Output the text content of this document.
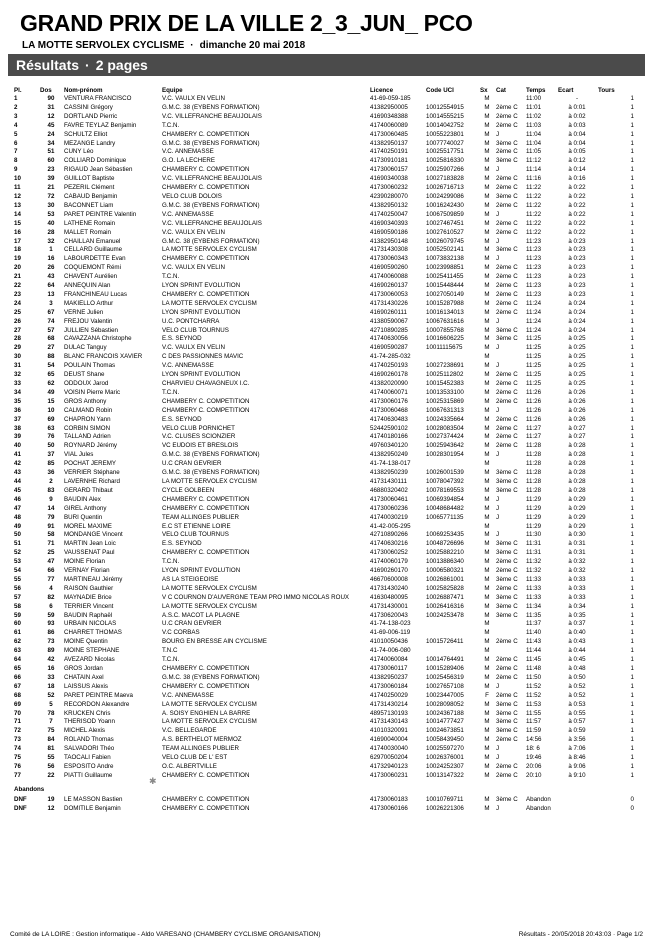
GRAND PRIX DE LA VILLE 2_3_JUN_ PCO
LA MOTTE SERVOLEX CYCLISME · dimanche 20 mai 2018
Résultats · 2 pages
Pl.	Dos	Nom-prénom	Equipe	Licence	Code UCI	Sx	Cat	Temps	Ecart	Tours
1	90	VENTURA FRANCISCO	V.C. VAULX EN VELIN	41-69-059-185		M		11:00	-	1
2	31	CASSINI Grégory	G.M.C. 38 (EYBENS FORMATION)	41382950005	10012554915	M	2ème C	11:01	à 0:01	1
3	12	DORTLAND Pierric	V.C. VILLEFRANCHE BEAUJOLAIS	41690348388	10014555215	M	2ème C	11:02	à 0:02	1
4	45	FAVRE TEYLAZ Benjamin	T.C.N.	41740060089	10014042752	M	2ème C	11:03	à 0:03	1
5	24	SCHULTZ Elliot	CHAMBERY C. COMPETITION	41730060485	10055223801	M	J	11:04	à 0:04	1
6	34	MEZANGE Landry	G.M.C. 38 (EYBENS FORMATION)	41382950137	10077740027	M	3ème C	11:04	à 0:04	1
7	51	CUNY Léo	V.C. ANNEMASSE	41740250191	10025517751	M	2ème C	11:05	à 0:05	1
8	60	COLLIARD Dominique	G.O. LA LECHERE	41730910181	10025816330	M	3ème C	11:12	à 0:12	1
9	23	RIGAUD Jean Sébastien	CHAMBERY C. COMPETITION	41730060157	10025907266	M	J	11:14	à 0:14	1
10	39	GUILLOT Baptiste	V.C. VILLEFRANCHE BEAUJOLAIS	41690340038	10027183828	M	2ème C	11:16	à 0:16	1
11	21	PEZERIL Clément	CHAMBERY C. COMPETITION	41730060232	10026716713	M	2ème C	11:22	à 0:22	1
12	72	CABAUD Benjamin	VELO CLUB DOLOIS	42390280070	10024299086	M	3ème C	11:22	à 0:22	1
13	30	BACONNET Liam	G.M.C. 38 (EYBENS FORMATION)	41382950132	10016242430	M	2ème C	11:22	à 0:22	1
14	53	PARET PEINTRE Valentin	V.C. ANNEMASSE	41740250047	10067509859	M	J	11:22	à 0:22	1
15	40	LATHENE Romain	V.C. VILLEFRANCHE BEAUJOLAIS	41690340393	10027467451	M	2ème C	11:22	à 0:22	1
16	28	MALLET Romain	V.C. VAULX EN VELIN	41690590186	10027610527	M	2ème C	11:22	à 0:22	1
17	32	CHAILLAN Emanuel	G.M.C. 38 (EYBENS FORMATION)	41382950148	10026079745	M	J	11:23	à 0:23	1
18	1	CELLARD Guillaume	LA MOTTE SERVOLEX CYCLISM	41731430308	10052502141	M	3ème C	11:23	à 0:23	1
19	16	LABOURDETTE Evan	CHAMBERY C. COMPETITION	41730060343	10073832138	M	J	11:23	à 0:23	1
20	26	COQUEMONT Rémi	V.C. VAULX EN VELIN	41690590260	10023998851	M	2ème C	11:23	à 0:23	1
21	43	CHAVENT Aurélien	T.C.N.	41740060088	10025411455	M	2ème C	11:23	à 0:23	1
22	64	ANNEQUIN Alan	LYON SPRINT EVOLUTION	41690260137	10015448444	M	2ème C	11:23	à 0:23	1
23	13	FRANCHINEAU Lucas	CHAMBERY C. COMPETITION	41730060053	10027050149	M	2ème C	11:23	à 0:23	1
24	3	MAKIELLO Arthur	LA MOTTE SERVOLEX CYCLISM	41731430226	10015287988	M	2ème C	11:24	à 0:24	1
25	67	VERNE Julien	LYON SPRINT EVOLUTION	41690260111	10016134013	M	2ème C	11:24	à 0:24	1
26	74	FREJOU Valentin	U.C. PONTCHARRA	41380590067	10067631616	M	J	11:24	à 0:24	1
27	57	JULLIEN Sébastien	VELO CLUB TOURNUS	42710890285	10007855768	M	3ème C	11:24	à 0:24	1
28	68	CAVAZZANA Christophe	E.S. SEYNOD	41740630056	10016606225	M	3ème C	11:25	à 0:25	1
29	27	DULAC Tanguy	V.C. VAULX EN VELIN	41690590287	10011115675	M	J	11:25	à 0:25	1
30	88	BLANC FRANCOIS XAVIER	C DES PASSIONNES MAVIC	41-74-285-032		M		11:25	à 0:25	1
31	54	POULAIN Thomas	V.C. ANNEMASSE	41740250193	10027238691	M	J	11:25	à 0:25	1
32	65	DEUST Shane	LYON SPRINT EVOLUTION	41690260178	10025112802	M	2ème C	11:25	à 0:25	1
33	62	ODDOUX Jarod	CHARVIEU CHAVAGNEUX I.C.	41382020090	10015452383	M	2ème C	11:25	à 0:25	1
34	49	VOISIN Pierre Maric	T.C.N.	41740060071	10013533100	M	2ème C	11:26	à 0:26	1
35	15	GROS Anthony	CHAMBERY C. COMPETITION	41730060176	10025315869	M	2ème C	11:26	à 0:26	1
36	10	CALMAND Robin	CHAMBERY C. COMPETITION	41730060468	10067631313	M	J	11:26	à 0:26	1
37	69	CHAPRON Yann	E.S. SEYNOD	41740630483	10024335664	M	2ème C	11:26	à 0:26	1
38	63	CORBIN SIMON	VELO CLUB PORNICHET	52442590102	10028083504	M	2ème C	11:27	à 0:27	1
39	76	TALLAND Adrien	V.C. CLUSES SCIONZIER	41740180166	10027374424	M	2ème C	11:27	à 0:27	1
40	50	ROYNARD Jérémy	VC EUDOIS ET BRESLOIS	49760340120	10025943642	M	2ème C	11:28	à 0:28	1
41	37	VIAL Jules	G.M.C. 38 (EYBENS FORMATION)	41382950249	10028301954	M	J	11:28	à 0:28	1
42	85	POCHAT JEREMY	U.C CRAN GEVRIER	41-74-138-017		M		11:28	à 0:28	1
43	36	VERRIER Stéphane	G.M.C. 38 (EYBENS FORMATION)	41382950239	10026001539	M	3ème C	11:28	à 0:28	1
44	2	LAVERNHE Richard	LA MOTTE SERVOLEX CYCLISM	41731430111	10078047392	M	3ème C	11:28	à 0:28	1
45	83	GERARD Thibaut	CYCLE GOLBEEN	46880320402	10078169553	M	3ème C	11:28	à 0:28	1
46	9	BAUDIN Alex	CHAMBERY C. COMPETITION	41730060461	10069394854	M	J	11:29	à 0:29	1
47	14	GIREL Anthony	CHAMBERY C. COMPETITION	41730060236	10048684482	M	J	11:29	à 0:29	1
48	79	BURI Quentin	TEAM ALLINGES PUBLIER	41740030219	10065771135	M	J	11:29	à 0:29	1
49	91	MOREL MAXIME	E.C ST ETIENNE LOIRE	41-42-005-295		M		11:29	à 0:29	1
50	58	MONDANGE Vincent	VELO CLUB TOURNUS	42710890266	10069253435	M	J	11:30	à 0:30	1
51	71	MARTIN Jean Loic	E.S. SEYNOD	41740630216	10048726696	M	3ème C	11:31	à 0:31	1
52	25	VAUSSENAT Paul	CHAMBERY C. COMPETITION	41730060252	10025882210	M	3ème C	11:31	à 0:31	1
53	47	MOINE Florian	T.C.N.	41740060179	10013886340	M	2ème C	11:32	à 0:32	1
54	66	VERNAY Florian	LYON SPRINT EVOLUTION	41690260170	10006580321	M	2ème C	11:32	à 0:32	1
55	77	MARTINEAU Jérémy	AS LA STEIGEOISE	46670600008	10026861001	M	3ème C	11:33	à 0:33	1
56	4	RAISON Gauthier	LA MOTTE SERVOLEX CYCLISM	41731430240	10025825828	M	2ème C	11:33	à 0:33	1
57	82	MAYNADIE Brice	V C COURNON D'AUVERGNE TEAM PRO IMMO NICOLAS ROUX	41630480095	10026887471	M	3ème C	11:33	à 0:33	1
58	6	TERRIER Vincent	LA MOTTE SERVOLEX CYCLISM	41731430001	10026416316	M	3ème C	11:34	à 0:34	1
59	59	BAUDIN Raphaël	A.S.C. MACOT LA PLAGNE	41730620043	10024253478	M	3ème C	11:35	à 0:35	1
60	93	URBAIN NICOLAS	U.C CRAN GEVRIER	41-74-138-023		M		11:37	à 0:37	1
61	86	CHARRET THOMAS	V.C CORBAS	41-69-006-119		M		11:40	à 0:40	1
62	73	MOINE Quentin	BOURG EN BRESSE AIN CYCLISME	41010050436	10015726411	M	2ème C	11:43	à 0:43	1
63	89	MOINE STEPHANE	T.N.C	41-74-006-080		M		11:44	à 0:44	1
64	42	AVEZARD Nicolas	T.C.N.	41740060084	10014764491	M	2ème C	11:45	à 0:45	1
65	16	GROS Jordan	CHAMBERY C. COMPETITION	41730060117	10015289406	M	2ème C	11:48	à 0:48	1
66	33	CHATAIN Axel	G.M.C. 38 (EYBENS FORMATION)	41382950237	10025456319	M	2ème C	11:50	à 0:50	1
67	18	LAISSUS Alexis	CHAMBERY C. COMPETITION	41730060184	10027657108	M	J	11:52	à 0:52	1
68	52	PARET PEINTRE Maeva	V.C. ANNEMASSE	41740250029	10023447005	F	2ème C	11:52	à 0:52	1
69	5	RECORDON Alexandre	LA MOTTE SERVOLEX CYCLISM	41731430214	10028098052	M	3ème C	11:53	à 0:53	1
70	78	KRUCKEN Chris	A. SOISY ENGHIEN LA BARRE	48957130193	10024367188	M	3ème C	11:55	à 0:55	1
71	7	THERISOD Yoann	LA MOTTE SERVOLEX CYCLISM	41731430143	10014777427	M	3ème C	11:57	à 0:57	1
72	75	MICHEL Alexis	V.C. BELLEGARDE	41010320091	10024673851	M	3ème C	11:59	à 0:59	1
73	84	ROLAND Thomas	A.S. BERTHELOT MERMOZ	41690040004	10058439450	M	2ème C	14:56	à 3:56	1
74	81	SALVADORI Théo	TEAM ALLINGES PUBLIER	41740030040	10025597270	M	J	18: 6	à 7:06	1
75	55	TAOCALI Fabien	VELO CLUB DE L' EST	62970050204	10026376001	M	J	19:46	à 8:46	1
76	56	ESPOSITO Andre	O.C. ALBERTVILLE	41732940123	10024252307	M	2ème C	20:06	à 9:06	1
77	22	PIATTI Guillaume	CHAMBERY C. COMPETITION	41730060231	10013147322	M	2ème C	20:10	à 9:10	1
Abandons										
DNF	19	LE MASSON Bastien	CHAMBERY C. COMPETITION	41730060183	10010769711	M	3ème C	Abandon		0
DNF	12	DOMITILE Benjamin	CHAMBERY C. COMPETITION	41730060166	10026221306	M	J	Abandon		0
✱
Comité de LA LOIRE : Gestion informatique - Aldo VARESANO (CHAMBERY CYCLISME ORGANISATION)	Résultats - 20/05/2018 20:43:03 · Page 1/2
